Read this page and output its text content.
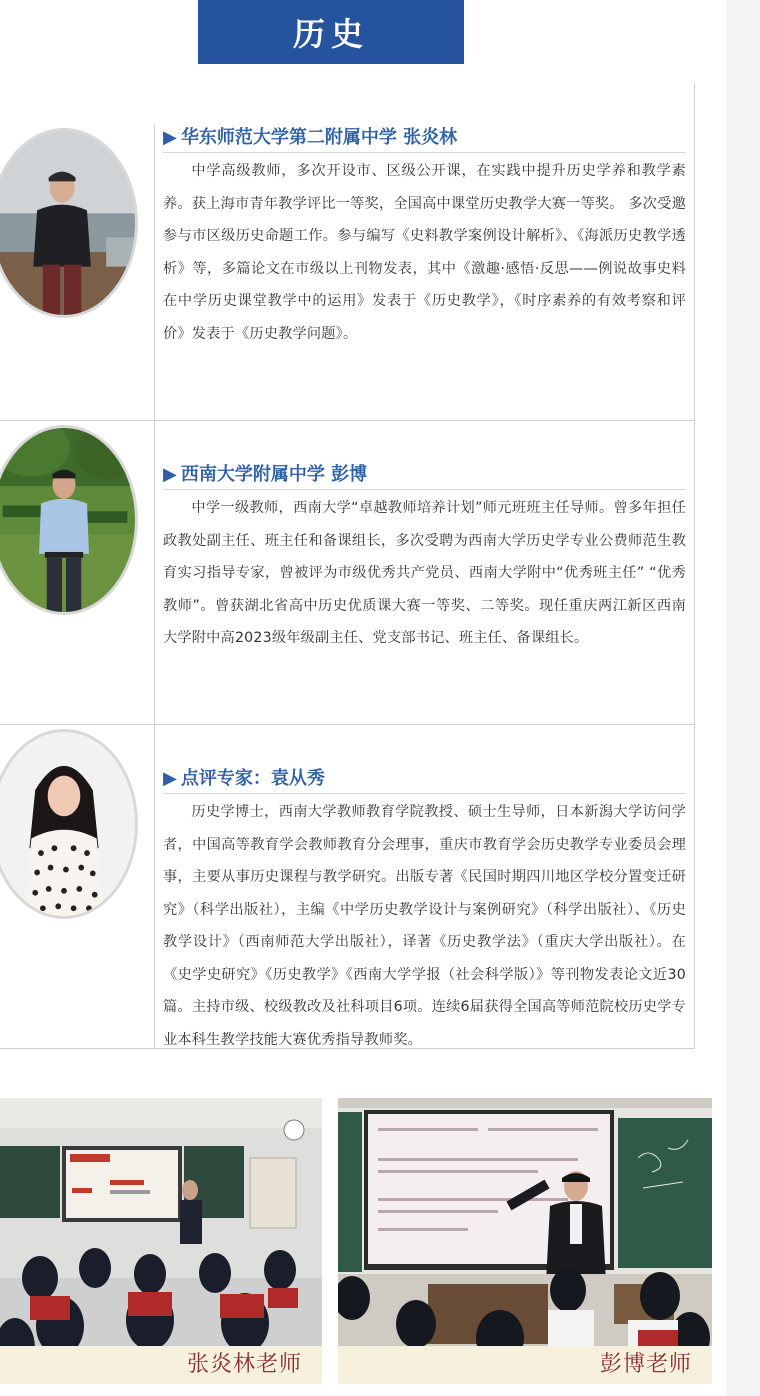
历史
▶ 华东师范大学第二附属中学 张炎林

中学高级教师，多次开设市、区级公开课，在实践中提升历史学养和教学素养。获上海市青年教学评比一等奖，全国高中课堂历史教学大赛一等奖。 多次受邀参与市区级历史命题工作。参与编写《史料教学案例设计解析》、《海派历史教学透析》等，多篇论文在市级以上刊物发表，其中《激趣·感悟·反思——例说故事史料在中学历史课堂教学中的运用》发表于《历史教学》，《时序素养的有效考察和评价》发表于《历史教学问题》。

▶ 西南大学附属中学 彭博

中学一级教师，西南大学“卓越教师培养计划”师元班班主任导师。曾多年担任政教处副主任、班主任和备课组长，多次受聘为西南大学历史学专业公费师范生教育实习指导专家，曾被评为市级优秀共产党员、西南大学附中“优秀班主任” “优秀教师”。曾获湖北省高中历史优质课大赛一等奖、二等奖。现任重庆两江新区西南大学附中高2023级年级副主任、党支部书记、班主任、备课组长。

▶ 点评专家：袁从秀

历史学博士，西南大学教师教育学院教授、硕士生导师，日本新潟大学访问学者，中国高等教育学会教师教育分会理事，重庆市教育学会历史教学专业委员会理事，主要从事历史课程与教学研究。出版专著《民国时期四川地区学校分置变迁研究》（科学出版社），主编《中学历史教学设计与案例研究》（科学出版社）、《历史教学设计》（西南师范大学出版社），译著《历史教学法》（重庆大学出版社）。在《史学史研究》《历史教学》《西南大学学报（社会科学版）》等刊物发表论文近30篇。主持市级、校级教改及社科项目6项。连续6届获得全国高等师范院校历史学专业本科生教学技能大赛优秀指导教师奖。

张炎林老师	彭博老师
